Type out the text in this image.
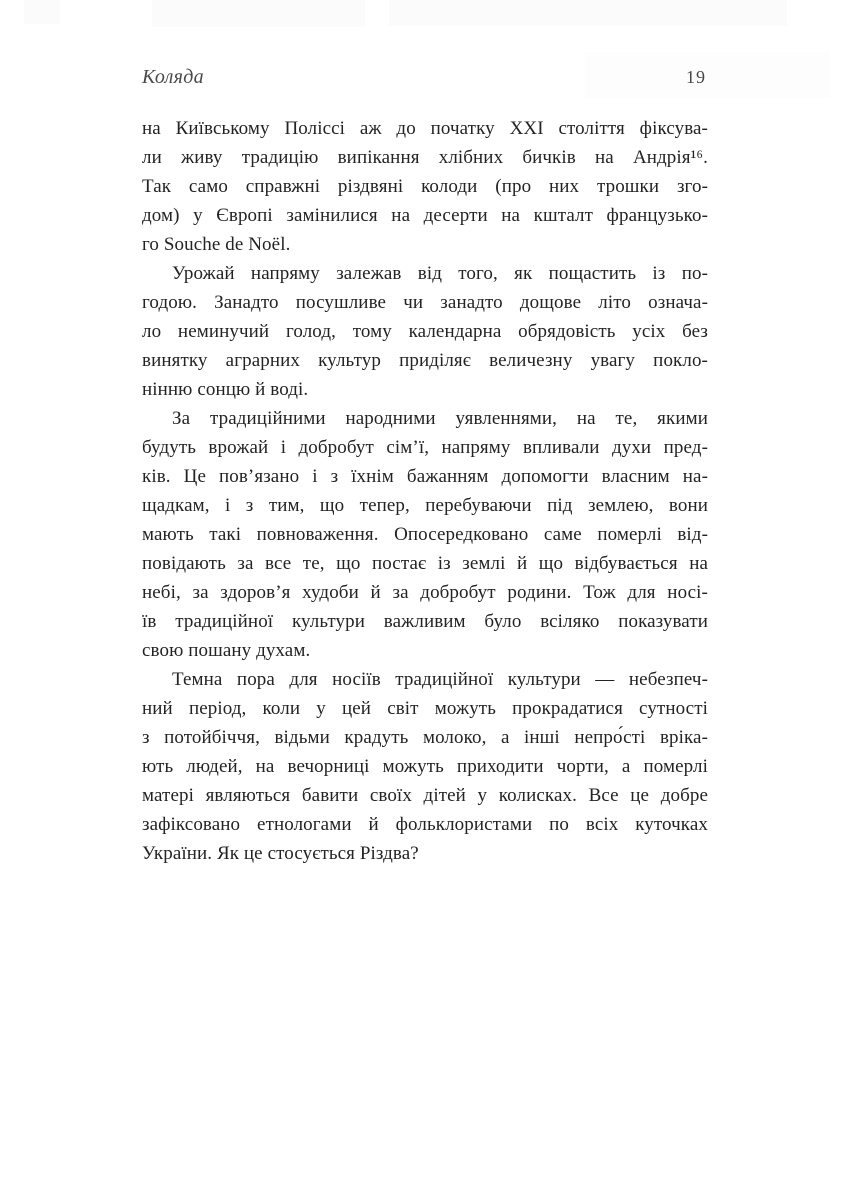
Коляда	19
на Київському Поліссі аж до початку XXI століття фіксува-
ли живу традицію випікання хлібних бичків на Андрія¹⁶.
Так само справжні різдвяні колоди (про них трошки зго-
дом) у Європі замінилися на десерти на кшталт французько-
го Souche de Noël.
Урожай напряму залежав від того, як пощастить із по-
годою. Занадто посушливе чи занадто дощове літо означа-
ло неминучий голод, тому календарна обрядовість усіх без
винятку аграрних культур приділяє величезну увагу покло-
нінню сонцю й воді.
За традиційними народними уявленнями, на те, якими
будуть врожай і добробут сім’ї, напряму впливали духи пред-
ків. Це пов’язано і з їхнім бажанням допомогти власним на-
щадкам, і з тим, що тепер, перебуваючи під землею, вони
мають такі повноваження. Опосередковано саме померлі від-
повідають за все те, що постає із землі й що відбувається на
небі, за здоров’я худоби й за добробут родини. Тож для носі-
їв традиційної культури важливим було всіляко показувати
свою пошану духам.
Темна пора для носіїв традиційної культури — небезпеч-
ний період, коли у цей світ можуть прокрадатися сутності
з потойбіччя, відьми крадуть молоко, а інші непро́сті вріка-
ють людей, на вечорниці можуть приходити чорти, а померлі
матері являються бавити своїх дітей у колисках. Все це добре
зафіксовано етнологами й фольклористами по всіх куточках
України. Як це стосується Різдва?
